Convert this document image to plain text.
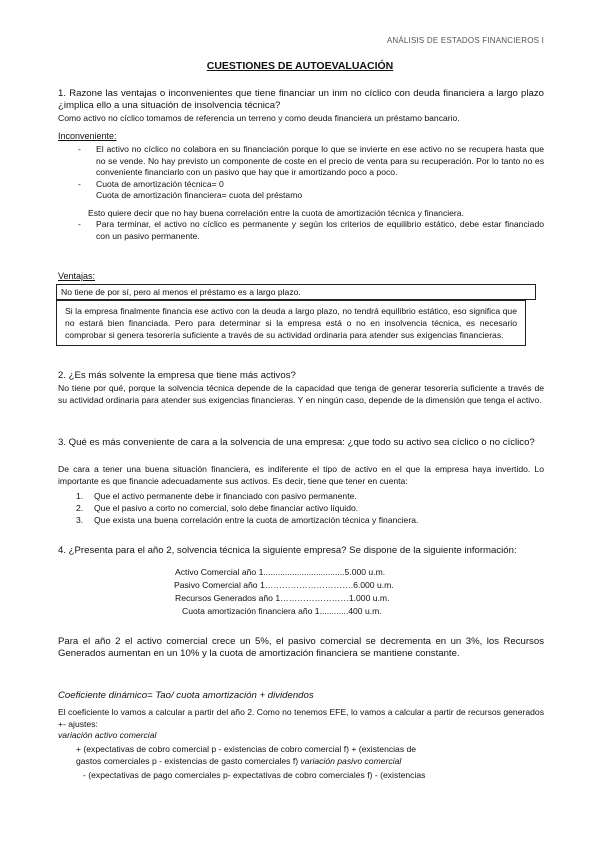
ANÁLISIS DE ESTADOS FINANCIEROS I
CUESTIONES DE AUTOEVALUACIÓN
1. Razone las ventajas o inconvenientes que tiene financiar un inm no cíclico con deuda financiera a largo plazo ¿implica ello a una situación de insolvencia técnica?
Como activo no cíclico tomamos de referencia un terreno y como deuda financiera un préstamo bancario.
Inconveniente:
- El activo no cíclico no colabora en su financiación porque lo que se invierte en ese activo no se recupera hasta que no se vende. No hay previsto un componente de coste en el precio de venta para su recuperación. Por lo tanto no es conveniente financiarlo con un pasivo que hay que ir amortizando poco a poco.
- Cuota de amortización técnica= 0
Cuota de amortización financiera= cuota del préstamo
Esto quiere decir que no hay buena correlación entre la cuota de amortización técnica y financiera.
- Para terminar, el activo no cíclico es permanente y según los criterios de equilibrio estático, debe estar financiado con un pasivo permanente.
Ventajas:
No tiene de por sí, pero al menos el préstamo es a largo plazo.
Si la empresa finalmente financia ese activo con la deuda a largo plazo, no tendrá equilibrio estático, eso significa que no estará bien financiada. Pero para determinar si la empresa está o no en insolvencia técnica, es necesario comprobar si genera tesorería suficiente a través de su actividad ordinaria para atender sus exigencias financieras.
2. ¿Es más solvente la empresa que tiene más activos?
No tiene por qué, porque la solvencia técnica depende de la capacidad que tenga de generar tesorería suficiente a través de su actividad ordinaria para atender sus exigencias financieras. Y en ningún caso, depende de la dimensión que tenga el activo.
3. Qué es más conveniente de cara a la solvencia de una empresa: ¿que todo su activo sea cíclico o no cíclico?
De cara a tener una buena situación financiera, es indiferente el tipo de activo en el que la empresa haya invertido. Lo importante es que financie adecuadamente sus activos. Es decir, tiene que tener en cuenta:
1. Que el activo permanente debe ir financiado con pasivo permanente.
2. Que el pasivo a corto no comercial, solo debe financiar activo líquido.
3. Que exista una buena correlación entre la cuota de amortización técnica y financiera.
4. ¿Presenta para el año 2, solvencia técnica la siguiente empresa? Se dispone de la siguiente información:
Activo Comercial año 1..................................5.000 u.m.
Pasivo Comercial año 1………………………….6.000 u.m.
Recursos Generados año 1……………………1.000 u.m.
Cuota amortización financiera año 1............400 u.m.
Para el año 2 el activo comercial crece un 5%, el pasivo comercial se decrementa en un 3%, los Recursos Generados aumentan en un 10% y la cuota de amortización financiera se mantiene constante.
Coeficiente dinámico= Tao/ cuota amortización + dividendos
El coeficiente lo vamos a calcular a partir del año 2. Como no tenemos EFE, lo vamos a calcular a partir de recursos generados +- ajustes:
variación activo comercial
+ (expectativas de cobro comercial p - existencias de cobro comercial f) + (existencias de
gastos comerciales p - existencias de gasto comerciales f) variación pasivo comercial
- (expectativas de pago comerciales p- expectativas de cobro comerciales f) - (existencias
